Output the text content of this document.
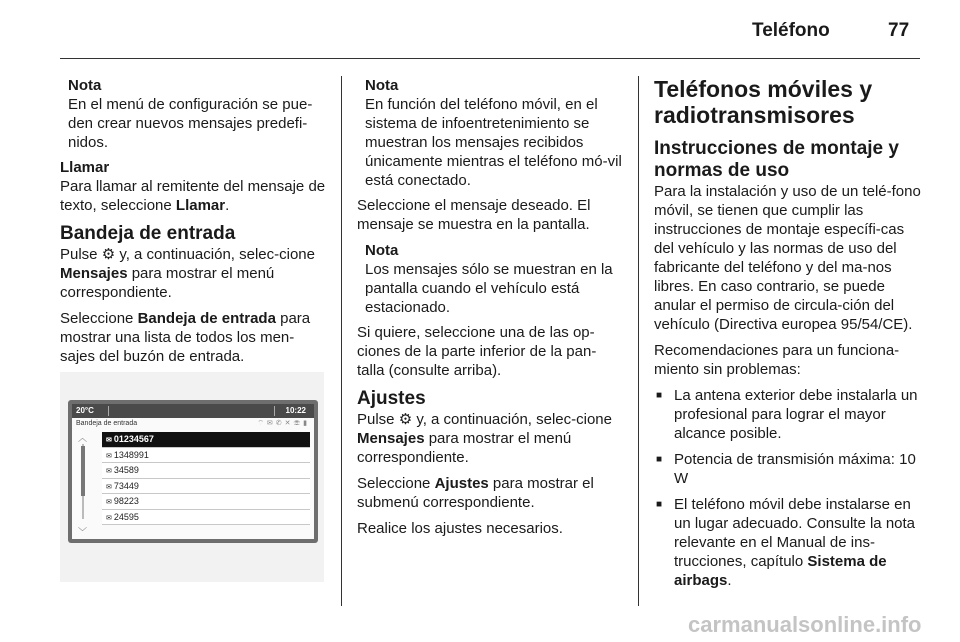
Teléfono	77
Nota
En el menú de configuración se pue-den crear nuevos mensajes predefi-nidos.
Llamar
Para llamar al remitente del mensaje de texto, seleccione Llamar.
Bandeja de entrada
Pulse ⚙ y, a continuación, selec-cione Mensajes para mostrar el menú correspondiente.
Seleccione Bandeja de entrada para mostrar una lista de todos los men-sajes del buzón de entrada.
20°C	10:22
Bandeja de entrada	⌔✉✆✕☏▮
︿
﹀
✉ 01234567
✉ 1348991
✉ 34589
✉ 73449
✉ 98223
✉ 24595
Nota
En función del teléfono móvil, en el sistema de infoentretenimiento se muestran los mensajes recibidos únicamente mientras el teléfono mó-vil está conectado.
Seleccione el mensaje deseado. El mensaje se muestra en la pantalla.
Nota
Los mensajes sólo se muestran en la pantalla cuando el vehículo está estacionado.
Si quiere, seleccione una de las op-ciones de la parte inferior de la pan-talla (consulte arriba).
Ajustes
Pulse ⚙ y, a continuación, selec-cione Mensajes para mostrar el menú correspondiente.
Seleccione Ajustes para mostrar el submenú correspondiente.
Realice los ajustes necesarios.
Teléfonos móviles y radiotransmisores
Instrucciones de montaje y normas de uso
Para la instalación y uso de un telé-fono móvil, se tienen que cumplir las instrucciones de montaje específi-cas del vehículo y las normas de uso del fabricante del teléfono y del ma-nos libres. En caso contrario, se puede anular el permiso de circula-ción del vehículo (Directiva europea 95/54/CE).
Recomendaciones para un funciona-miento sin problemas:
■ La antena exterior debe instalarla un profesional para lograr el mayor alcance posible.
■ Potencia de transmisión máxima: 10 W
■ El teléfono móvil debe instalarse en un lugar adecuado. Consulte la nota relevante en el Manual de ins-trucciones, capítulo Sistema de airbags.
carmanualsonline.info
